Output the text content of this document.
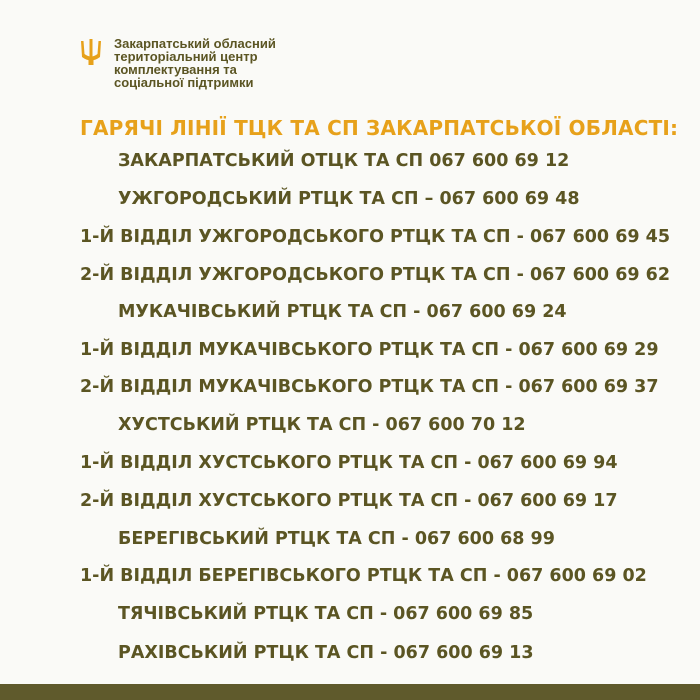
Закарпатський обласний
територіальний центр
комплектування та
соціальної підтримки
ГАРЯЧІ ЛІНІЇ ТЦК ТА СП ЗАКАРПАТСЬКОЇ ОБЛАСТІ:
ЗАКАРПАТСЬКИЙ ОТЦК ТА СП 067 600 69 12
УЖГОРОДСЬКИЙ РТЦК ТА СП – 067 600 69 48
1-Й ВІДДІЛ УЖГОРОДСЬКОГО РТЦК ТА СП - 067 600 69 45
2-Й ВІДДІЛ УЖГОРОДСЬКОГО РТЦК ТА СП - 067 600 69 62
МУКАЧІВСЬКИЙ РТЦК ТА СП - 067 600 69 24
1-Й ВІДДІЛ МУКАЧІВСЬКОГО РТЦК ТА СП - 067 600 69 29
2-Й ВІДДІЛ МУКАЧІВСЬКОГО РТЦК ТА СП - 067 600 69 37
ХУСТСЬКИЙ РТЦК ТА СП - 067 600 70 12
1-Й ВІДДІЛ ХУСТСЬКОГО РТЦК ТА СП - 067 600 69 94
2-Й ВІДДІЛ ХУСТСЬКОГО РТЦК ТА СП - 067 600 69 17
БЕРЕГІВСЬКИЙ РТЦК ТА СП - 067 600 68 99
1-Й ВІДДІЛ БЕРЕГІВСЬКОГО РТЦК ТА СП - 067 600 69 02
ТЯЧІВСЬКИЙ РТЦК ТА СП - 067 600 69 85
РАХІВСЬКИЙ РТЦК ТА СП - 067 600 69 13
